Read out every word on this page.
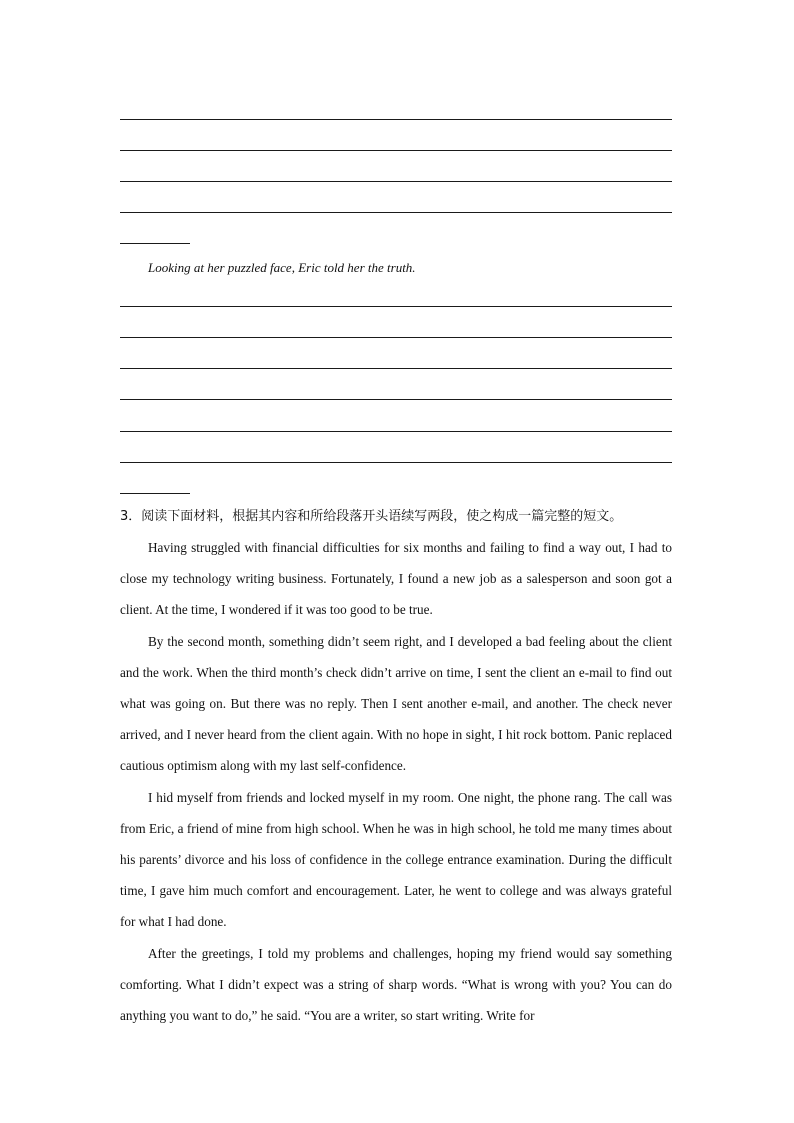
Looking at her puzzled face, Eric told her the truth.
3．阅读下面材料，根据其内容和所给段落开头语续写两段，使之构成一篇完整的短文。

Having struggled with financial difficulties for six months and failing to find a way out, I had to close my technology writing business. Fortunately, I found a new job as a salesperson and soon got a client. At the time, I wondered if it was too good to be true.

By the second month, something didn’t seem right, and I developed a bad feeling about the client and the work. When the third month’s check didn’t arrive on time, I sent the client an e-mail to find out what was going on. But there was no reply. Then I sent another e-mail, and another. The check never arrived, and I never heard from the client again. With no hope in sight, I hit rock bottom. Panic replaced cautious optimism along with my last self-confidence.

I hid myself from friends and locked myself in my room. One night, the phone rang. The call was from Eric, a friend of mine from high school. When he was in high school, he told me many times about his parents’ divorce and his loss of confidence in the college entrance examination. During the difficult time, I gave him much comfort and encouragement. Later, he went to college and was always grateful for what I had done.

After the greetings, I told my problems and challenges, hoping my friend would say something comforting. What I didn’t expect was a string of sharp words. “What is wrong with you? You can do anything you want to do,” he said. “You are a writer, so start writing. Write for
